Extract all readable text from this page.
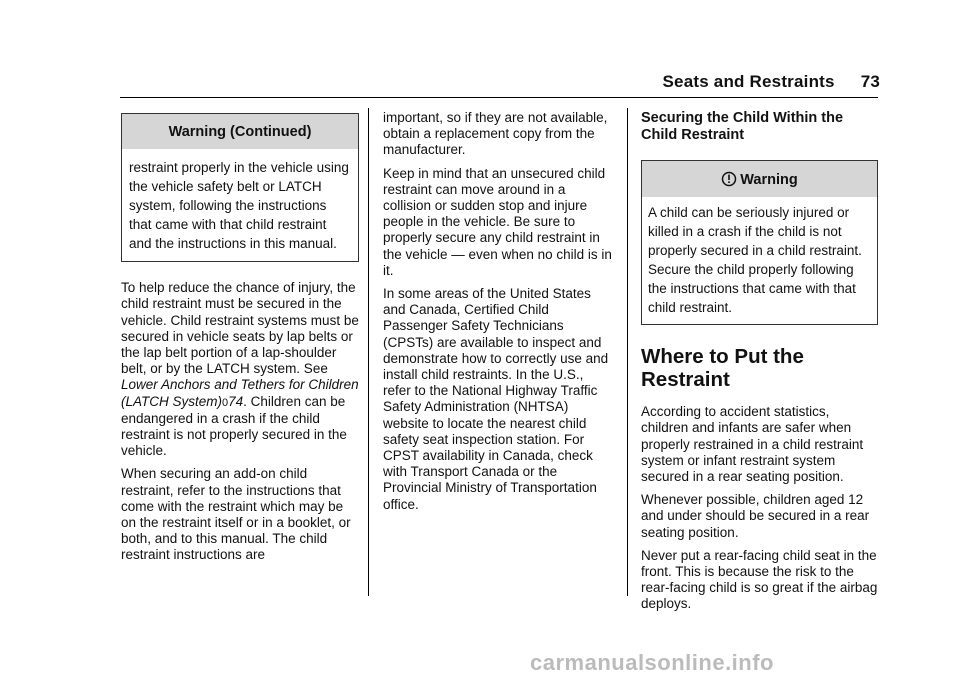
Seats and Restraints 73
Warning (Continued)
restraint properly in the vehicle using the vehicle safety belt or LATCH system, following the instructions that came with that child restraint and the instructions in this manual.

To help reduce the chance of injury, the child restraint must be secured in the vehicle. Child restraint systems must be secured in vehicle seats by lap belts or the lap belt portion of a lap-shoulder belt, or by the LATCH system. See Lower Anchors and Tethers for Children (LATCH System)074. Children can be endangered in a crash if the child restraint is not properly secured in the vehicle.

When securing an add-on child restraint, refer to the instructions that come with the restraint which may be on the restraint itself or in a booklet, or both, and to this manual. The child restraint instructions are

important, so if they are not available, obtain a replacement copy from the manufacturer.

Keep in mind that an unsecured child restraint can move around in a collision or sudden stop and injure people in the vehicle. Be sure to properly secure any child restraint in the vehicle — even when no child is in it.

In some areas of the United States and Canada, Certified Child Passenger Safety Technicians (CPSTs) are available to inspect and demonstrate how to correctly use and install child restraints. In the U.S., refer to the National Highway Traffic Safety Administration (NHTSA) website to locate the nearest child safety seat inspection station. For CPST availability in Canada, check with Transport Canada or the Provincial Ministry of Transportation office.

Securing the Child Within the Child Restraint
Warning
A child can be seriously injured or killed in a crash if the child is not properly secured in a child restraint. Secure the child properly following the instructions that came with that child restraint.
Where to Put the Restraint

According to accident statistics, children and infants are safer when properly restrained in a child restraint system or infant restraint system secured in a rear seating position.

Whenever possible, children aged 12 and under should be secured in a rear seating position.

Never put a rear-facing child seat in the front. This is because the risk to the rear-facing child is so great if the airbag deploys.

carmanualsonline.info
